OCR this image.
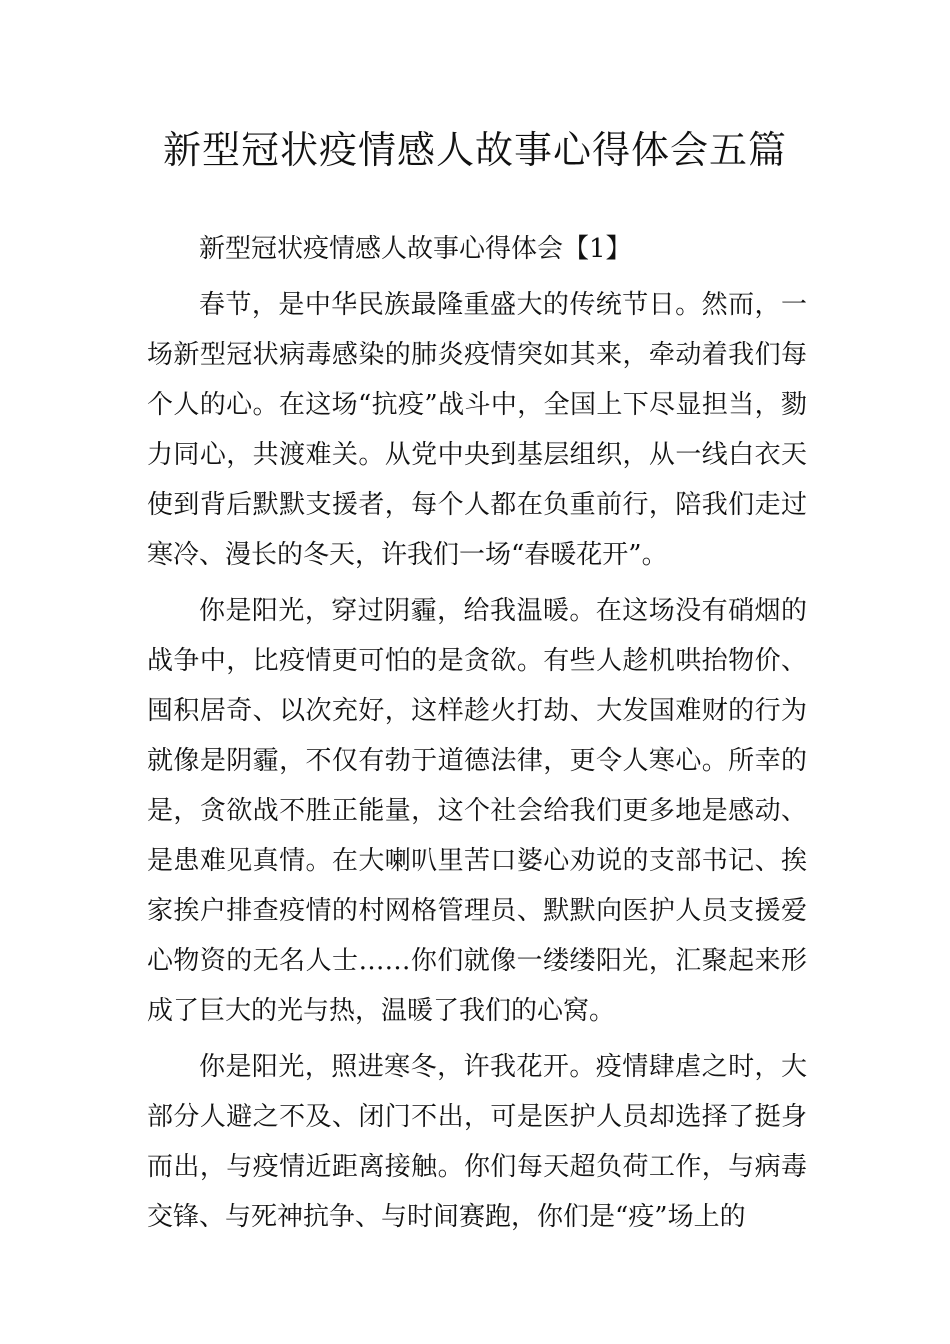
新型冠状疫情感人故事心得体会五篇

新型冠状疫情感人故事心得体会【1】

春节，是中华民族最隆重盛大的传统节日。然而，一场新型冠状病毒感染的肺炎疫情突如其来，牵动着我们每个人的心。在这场“抗疫”战斗中，全国上下尽显担当，勠力同心，共渡难关。从党中央到基层组织，从一线白衣天使到背后默默支援者，每个人都在负重前行，陪我们走过寒冷、漫长的冬天，许我们一场“春暖花开”。

你是阳光，穿过阴霾，给我温暖。在这场没有硝烟的战争中，比疫情更可怕的是贪欲。有些人趁机哄抬物价、囤积居奇、以次充好，这样趁火打劫、大发国难财的行为就像是阴霾，不仅有勃于道德法律，更令人寒心。所幸的是，贪欲战不胜正能量，这个社会给我们更多地是感动、是患难见真情。在大喇叭里苦口婆心劝说的支部书记、挨家挨户排查疫情的村网格管理员、默默向医护人员支援爱心物资的无名人士……你们就像一缕缕阳光，汇聚起来形成了巨大的光与热，温暖了我们的心窝。

你是阳光，照进寒冬，许我花开。疫情肆虐之时，大部分人避之不及、闭门不出，可是医护人员却选择了挺身而出，与疫情近距离接触。你们每天超负荷工作，与病毒交锋、与死神抗争、与时间赛跑，你们是“疫”场上的
